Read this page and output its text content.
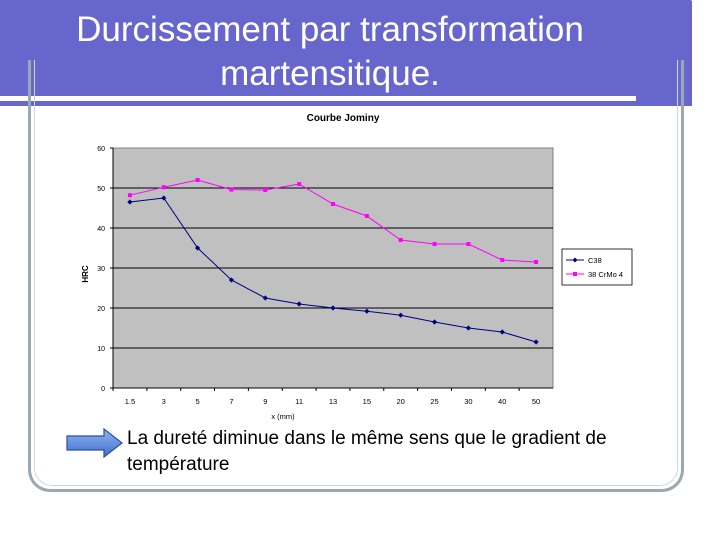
Durcissement par transformation martensitique.
Courbe Jominy
0
10
20
30
40
50
60
1.5	3	5	7	9	11	13	15	20	25	30	40	50
x (mm)
HRC
C38
38 CrMo 4
La dureté diminue dans le même sens que le gradient de température
